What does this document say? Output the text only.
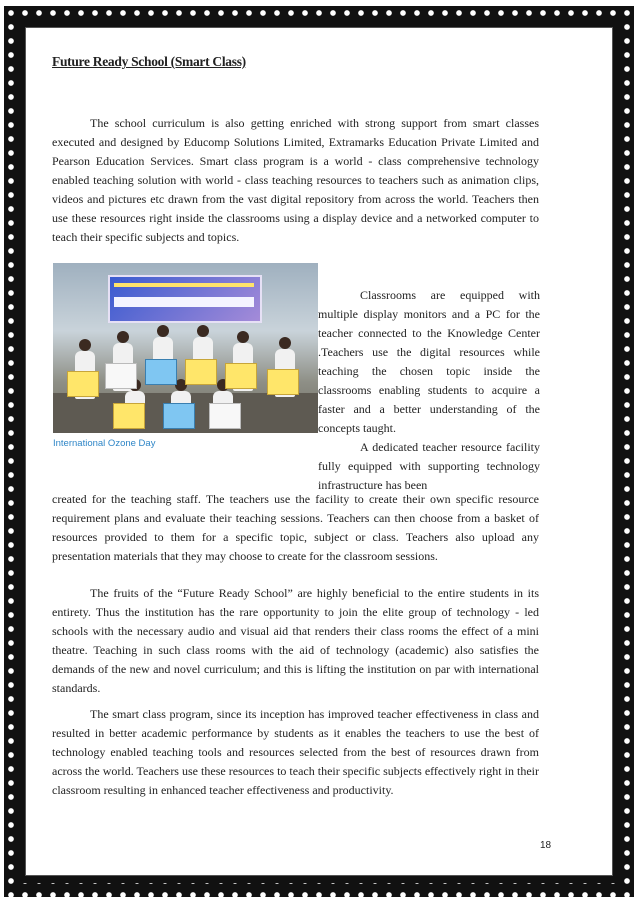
Future Ready School (Smart Class)

The school curriculum is also getting enriched with strong support from smart classes executed and designed by Educomp Solutions Limited, Extramarks Education Private Limited and Pearson Education Services. Smart class program is a world - class comprehensive technology enabled teaching solution with world - class teaching resources to teachers such as animation clips, videos and pictures etc drawn from the vast digital repository from across the world. Teachers then use these resources right inside the classrooms using a display device and a networked computer to teach their specific subjects and topics.

International Ozone Day

Classrooms are equipped with multiple display monitors and a PC for the teacher connected to the Knowledge Center .Teachers use the digital resources while teaching the chosen topic inside the classrooms enabling students to acquire a faster and a better understanding of the concepts taught.

A dedicated teacher resource facility fully equipped with supporting technology infrastructure has been

created for the teaching staff. The teachers use the facility to create their own specific resource requirement plans and evaluate their teaching sessions. Teachers can then choose from a basket of resources provided to them for a specific topic, subject or class. Teachers also upload any presentation materials that they may choose to create for the classroom sessions.

The fruits of the “Future Ready School” are highly beneficial to the entire students in its entirety. Thus the institution has the rare opportunity to join the elite group of technology - led schools with the necessary audio and visual aid that renders their class rooms the effect of a mini theatre. Teaching in such class rooms with the aid of technology (academic) also satisfies the demands of the new and novel curriculum; and this is lifting the institution on par with international standards.

The smart class program, since its inception has improved teacher effectiveness in class and resulted in better academic performance by students as it enables the teachers to use the best of technology enabled teaching tools and resources selected from the best of resources drawn from across the world. Teachers use these resources to teach their specific subjects effectively right in their classroom resulting in enhanced teacher effectiveness and productivity.

18
